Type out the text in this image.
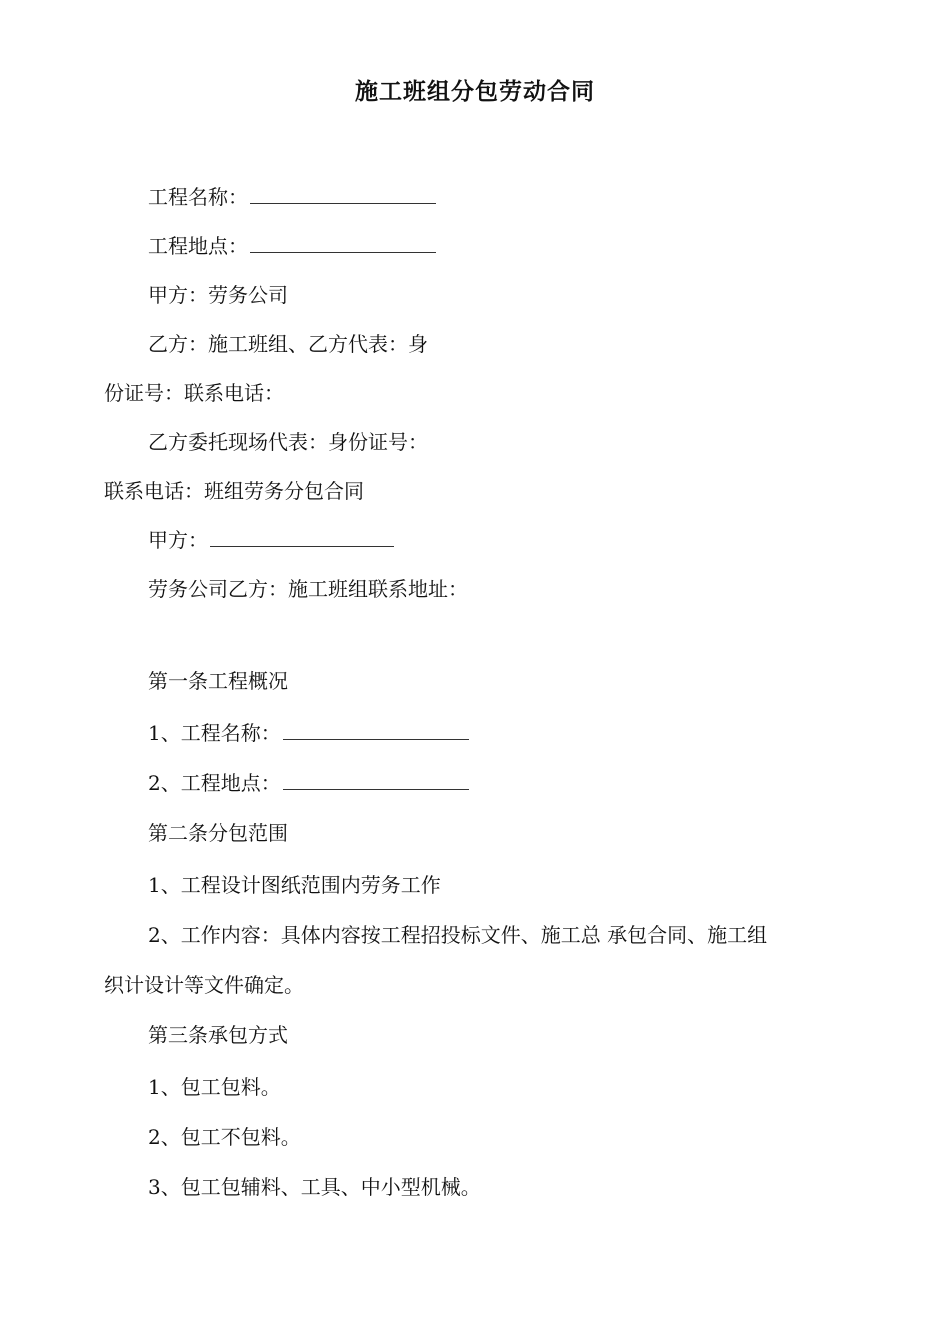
施工班组分包劳动合同
工程名称：
工程地点：
甲方：劳务公司
乙方：施工班组、乙方代表：身
份证号：联系电话：
乙方委托现场代表：身份证号：
联系电话：班组劳务分包合同
甲方：
劳务公司乙方：施工班组联系地址：
第一条工程概况
1、工程名称：
2、工程地点：
第二条分包范围
1、工程设计图纸范围内劳务工作
2、工作内容：具体内容按工程招投标文件、施工总 承包合同、施工组
织计设计等文件确定。
第三条承包方式
1、包工包料。
2、包工不包料。
3、包工包辅料、工具、中小型机械。
